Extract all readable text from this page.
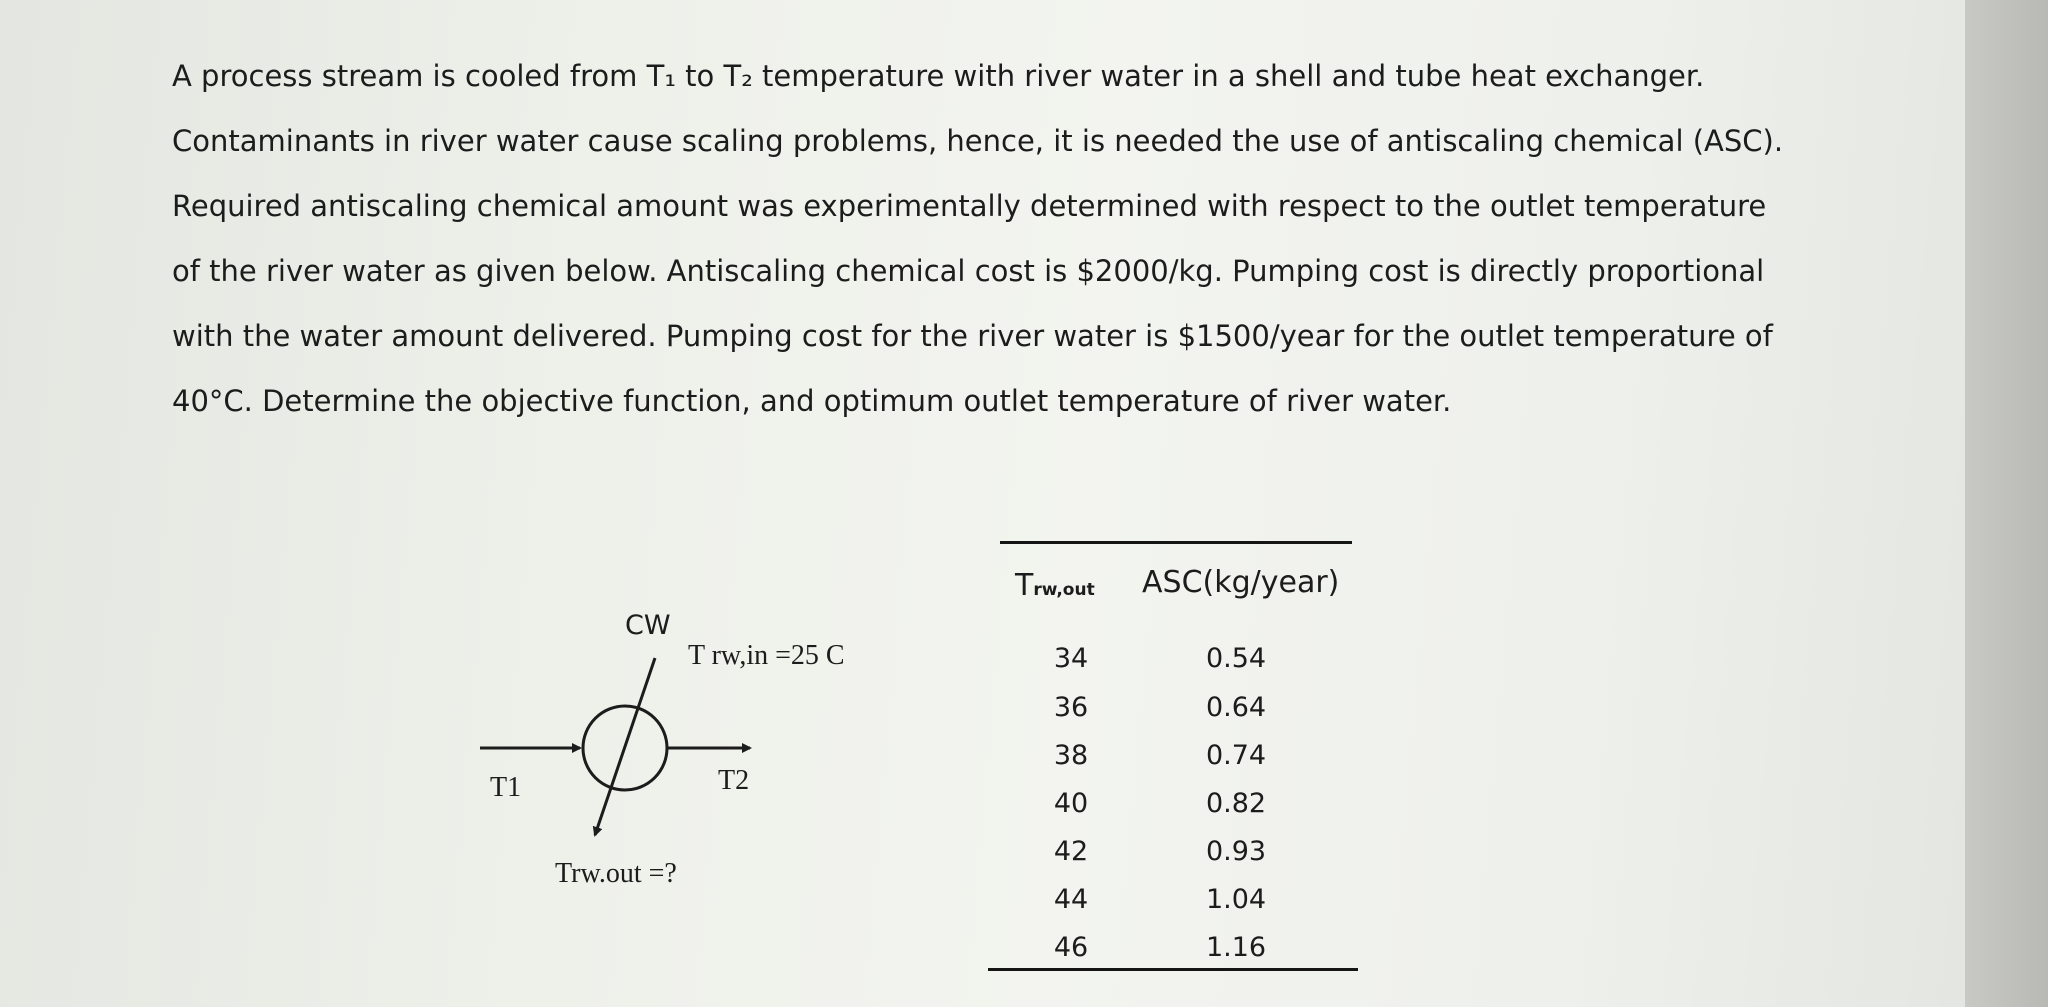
A process stream is cooled from T₁ to T₂ temperature with river water in a shell and tube heat exchanger.

Contaminants in river water cause scaling problems, hence, it is needed the use of antiscaling chemical (ASC).

Required antiscaling chemical amount was experimentally determined with respect to the outlet temperature

of the river water as given below. Antiscaling chemical cost is $2000/kg. Pumping cost is directly proportional

with the water amount delivered. Pumping cost for the river water is $1500/year for the outlet temperature of

40°C. Determine the objective function, and optimum outlet temperature of river water.

CW
T rw,in =25 C
T1	T2
Trw.out =?
Trw,out ASC(kg/year)
34	0.54
36	0.64
38	0.74
40	0.82
42	0.93
44	1.04
46	1.16
